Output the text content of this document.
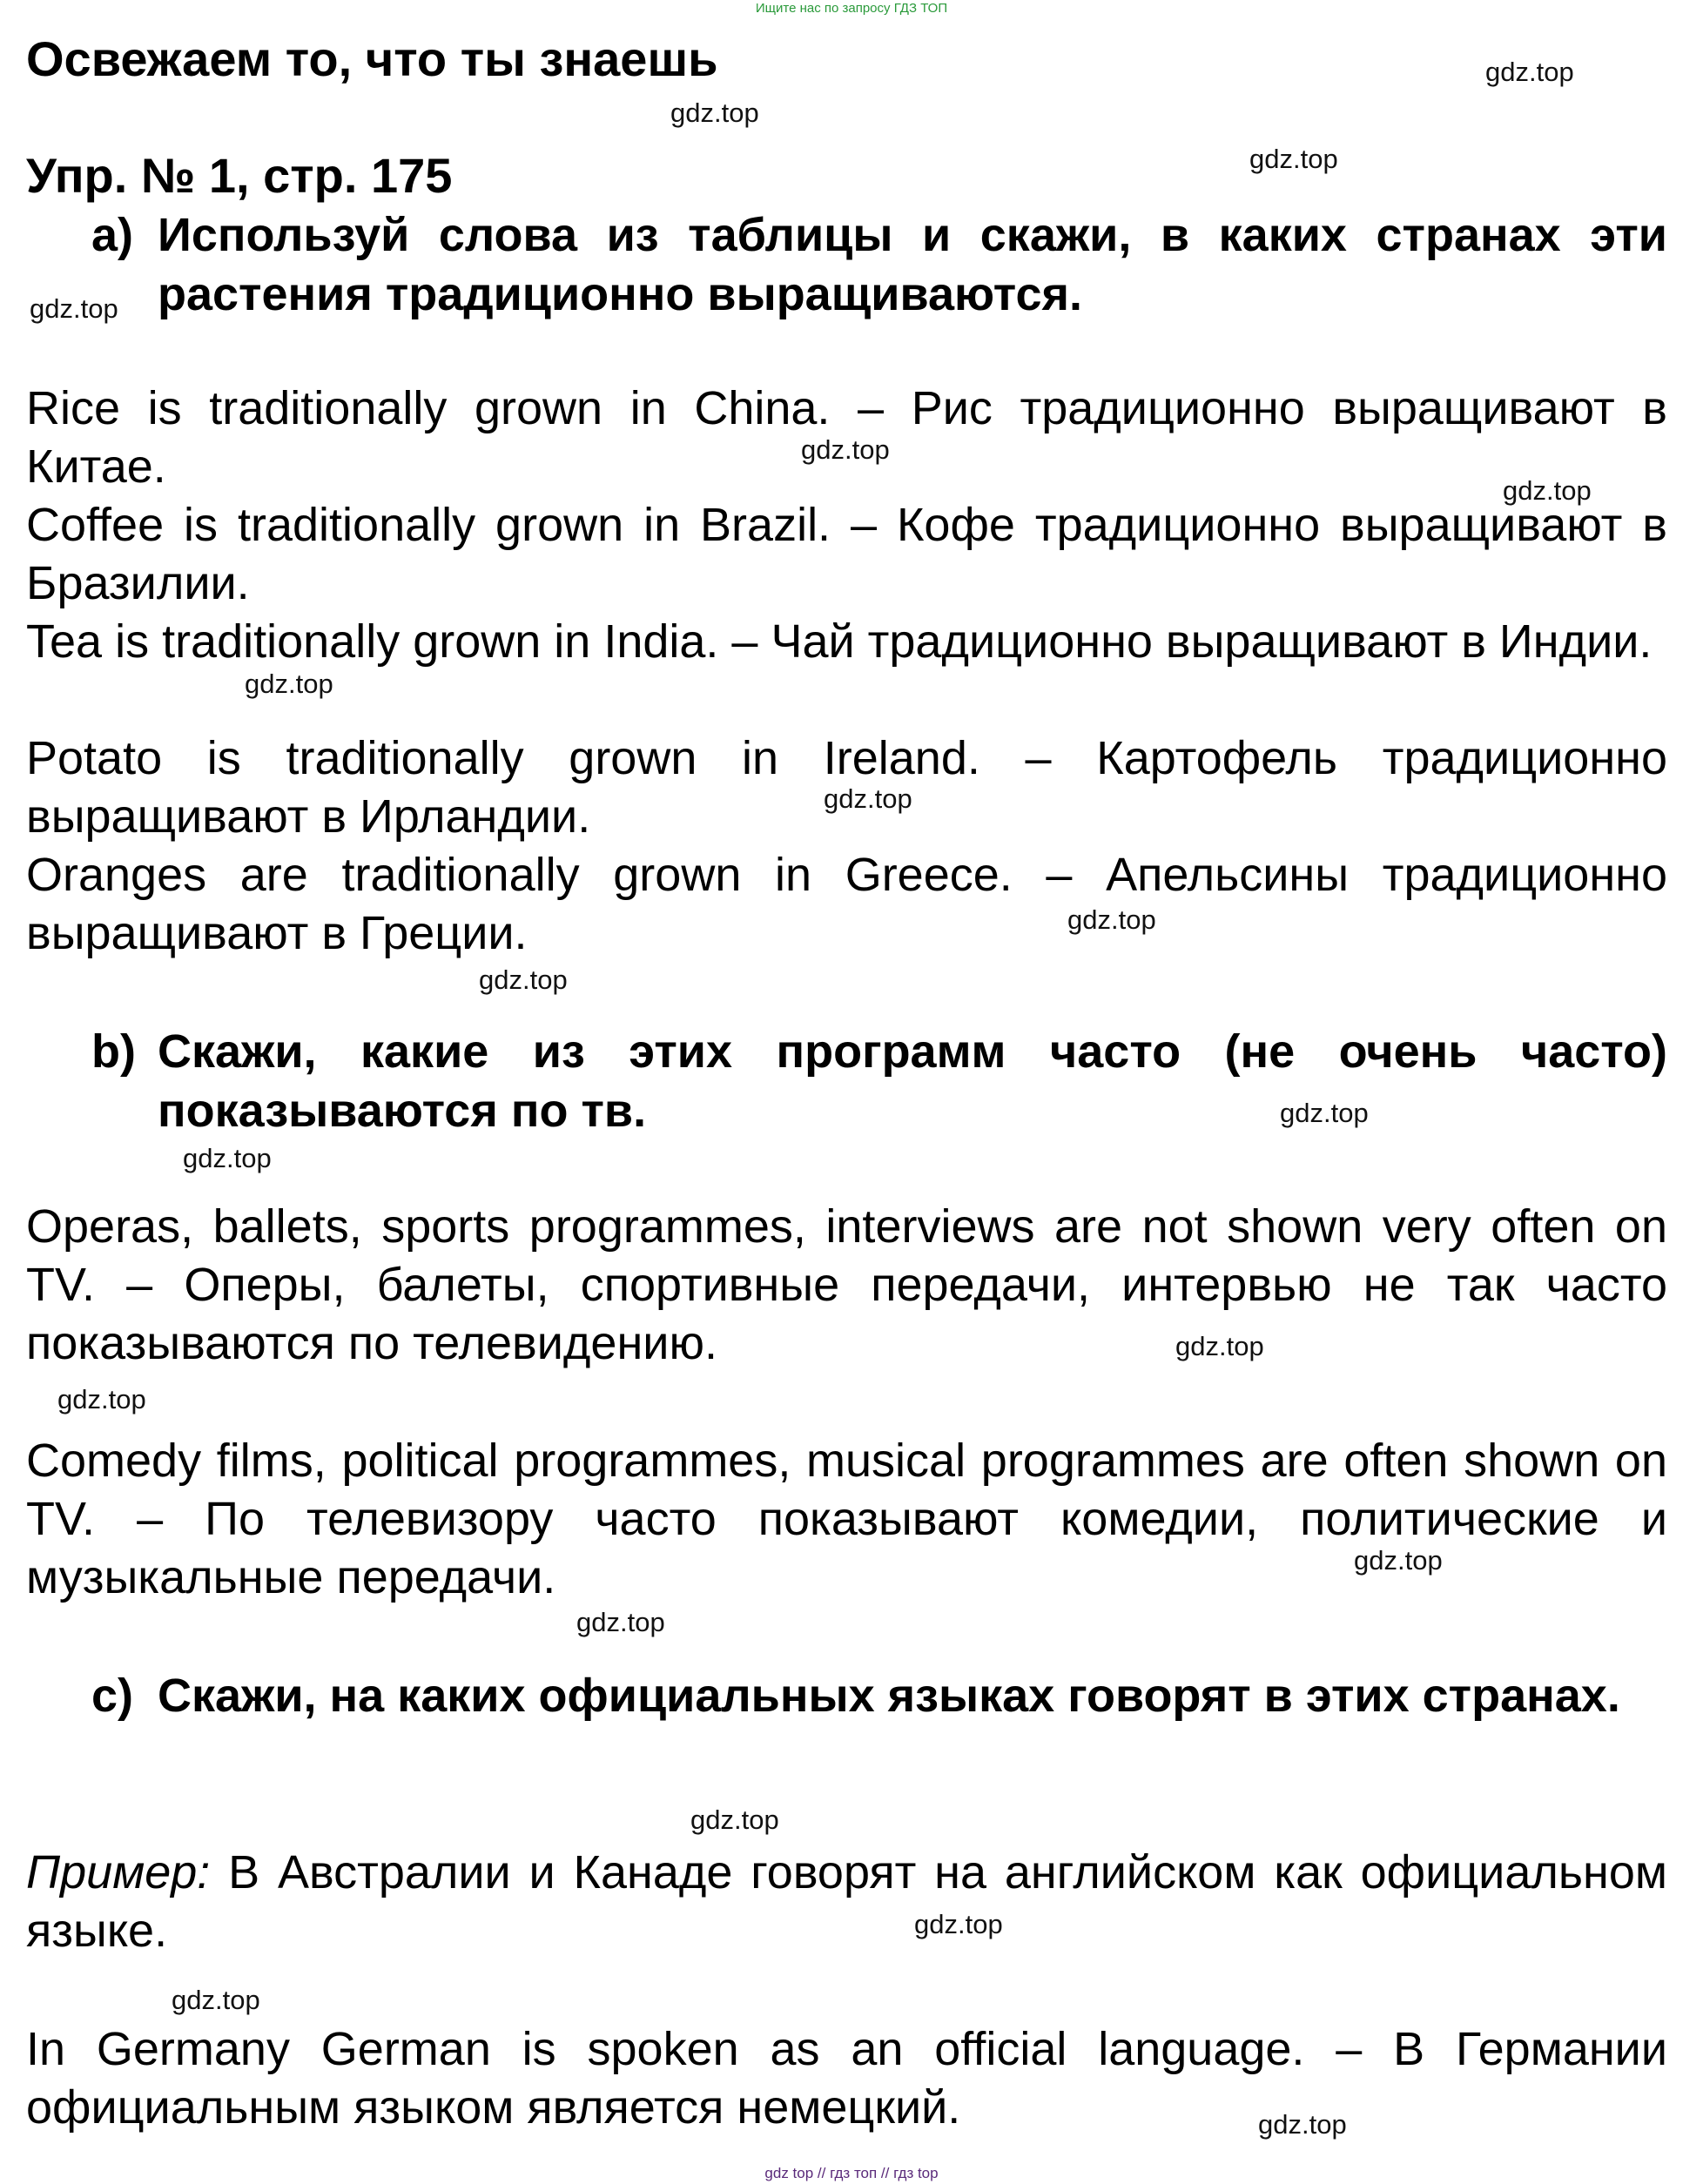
Ищите нас по запросу ГДЗ ТОП
Освежаем то, что ты знаешь
Упр. № 1, стр. 175
a) Используй слова из таблицы и скажи, в каких странах эти растения традиционно выращиваются.

Rice is traditionally grown in China. – Рис традиционно выращивают в Китае.

Coffee is traditionally grown in Brazil. – Кофе традиционно выращивают в Бразилии.

Tea is traditionally grown in India. – Чай традиционно выращивают в Индии.

Potato is traditionally grown in Ireland. – Картофель традиционно выращивают в Ирландии.

Oranges are traditionally grown in Greece. – Апельсины традиционно выращивают в Греции.

b) Скажи, какие из этих программ часто (не очень часто) показываются по тв.

Operas, ballets, sports programmes, interviews are not shown very often on TV. – Оперы, балеты, спортивные передачи, интервью не так часто показываются по телевидению.

Comedy films, political programmes, musical programmes are often shown on TV. – По телевизору часто показывают комедии, политические и музыкальные передачи.

c) Скажи, на каких официальных языках говорят в этих странах.

Пример: В Австралии и Канаде говорят на английском как официальном языке.

In Germany German is spoken as an official language. – В Германии официальным языком является немецкий.

gdz.top
gdz.top
gdz.top
gdz.top
gdz.top
gdz.top
gdz.top
gdz.top
gdz.top
gdz.top
gdz.top
gdz.top
gdz.top
gdz.top
gdz.top
gdz.top
gdz.top
gdz.top
gdz.top
gdz.top
gdz top // гдз топ // гдз top
